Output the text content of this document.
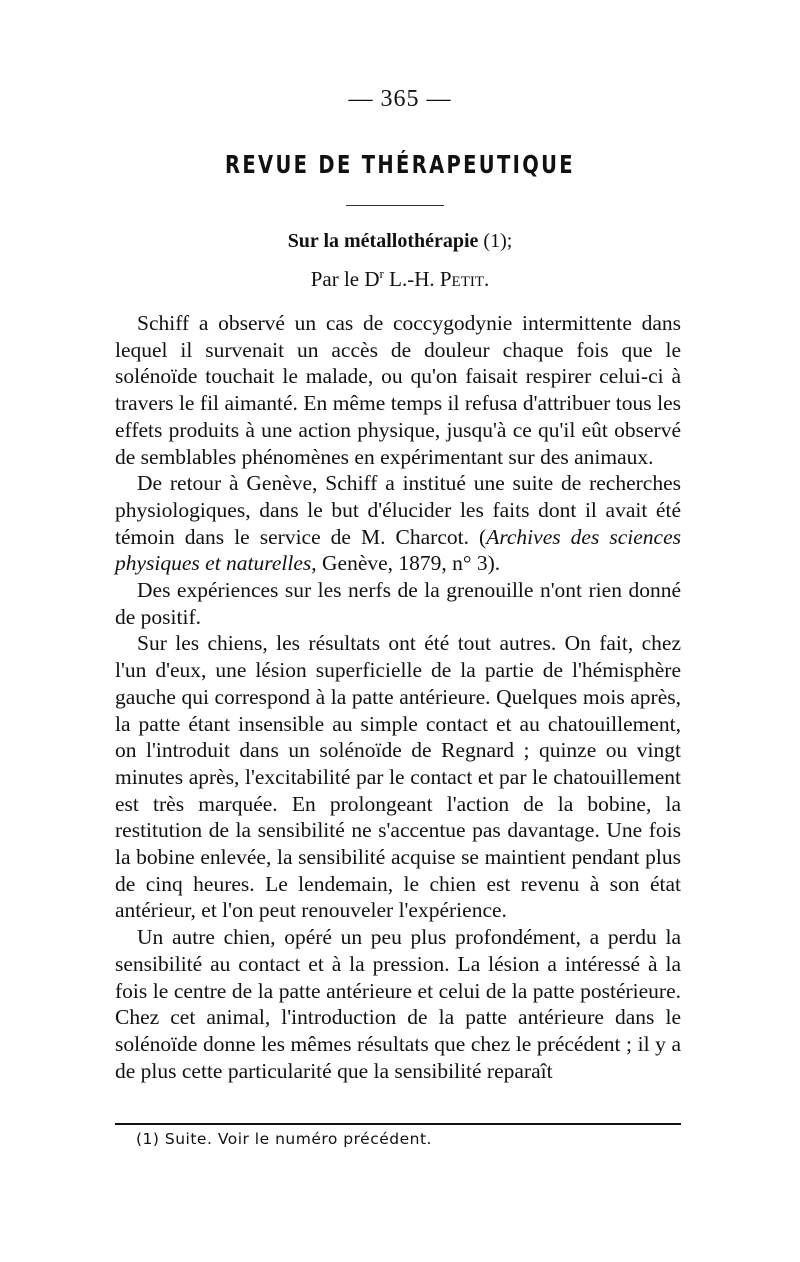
— 365 —
REVUE DE THÉRAPEUTIQUE
Sur la métallothérapie (1);
Par le $D^r$ L.-H. Petit.

Schiff a observé un cas de coccygodynie intermittente dans lequel il survenait un accès de douleur chaque fois que le solénoïde touchait le malade, ou qu'on faisait respirer celui-ci à travers le fil aimanté. En même temps il refusa d'attribuer tous les effets produits à une action physique, jusqu'à ce qu'il eût observé de semblables phénomènes en expérimentant sur des animaux.

De retour à Genève, Schiff a institué une suite de recherches physiologiques, dans le but d'élucider les faits dont il avait été témoin dans le service de M. Charcot. (Archives des sciences physiques et naturelles, Genève, 1879, n° 3).

Des expériences sur les nerfs de la grenouille n'ont rien donné de positif.

Sur les chiens, les résultats ont été tout autres. On fait, chez l'un d'eux, une lésion superficielle de la partie de l'hémisphère gauche qui correspond à la patte antérieure. Quelques mois après, la patte étant insensible au simple contact et au chatouillement, on l'introduit dans un solénoïde de Regnard ; quinze ou vingt minutes après, l'excitabilité par le contact et par le chatouillement est très marquée. En prolongeant l'action de la bobine, la restitution de la sensibilité ne s'accentue pas davantage. Une fois la bobine enlevée, la sensibilité acquise se maintient pendant plus de cinq heures. Le lendemain, le chien est revenu à son état antérieur, et l'on peut renouveler l'expérience.

Un autre chien, opéré un peu plus profondément, a perdu la sensibilité au contact et à la pression. La lésion a intéressé à la fois le centre de la patte antérieure et celui de la patte postérieure. Chez cet animal, l'introduction de la patte antérieure dans le solénoïde donne les mêmes résultats que chez le précédent ; il y a de plus cette particularité que la sensibilité reparaît

(1) Suite. Voir le numéro précédent.
